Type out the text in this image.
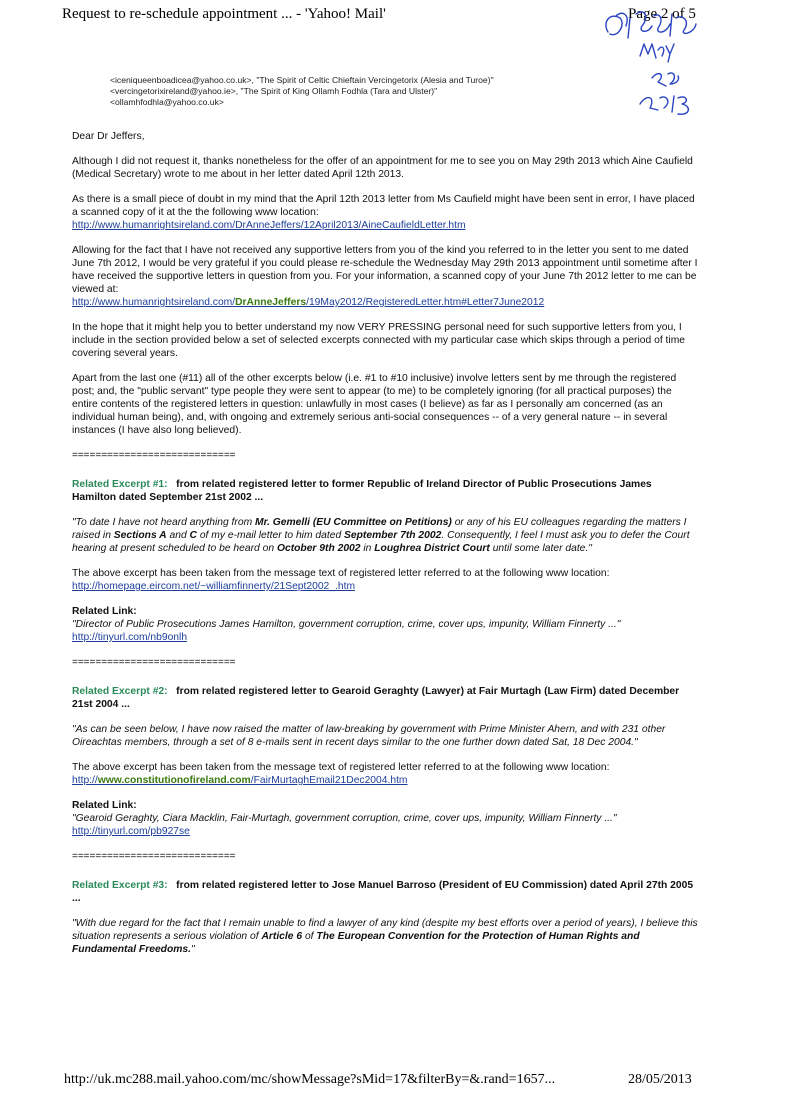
Request to re-schedule appointment ... - 'Yahoo! Mail'	Page 2 of 5
<iceniqueenboadicea@yahoo.co.uk>, "The Spirit of Celtic Chieftain Vercingetorix (Alesia and Turoe)"
<vercingetorixireland@yahoo.ie>, "The Spirit of King Ollamh Fodhla (Tara and Ulster)"
<ollamhfodhla@yahoo.co.uk>

Dear Dr Jeffers,

Although I did not request it, thanks nonetheless for the offer of an appointment for me to see you on May 29th 2013 which Aine Caufield (Medical Secretary) wrote to me about in her letter dated April 12th 2013.

As there is a small piece of doubt in my mind that the April 12th 2013 letter from Ms Caufield might have been sent in error, I have placed a scanned copy of it at the the following www location:
http://www.humanrightsireland.com/DrAnneJeffers/12April2013/AineCaufieldLetter.htm

Allowing for the fact that I have not received any supportive letters from you of the kind you referred to in the letter you sent to me dated June 7th 2012, I would be very grateful if you could please re-schedule the Wednesday May 29th 2013 appointment until sometime after I have received the supportive letters in question from you. For your information, a scanned copy of your June 7th 2012 letter to me can be viewed at:
http://www.humanrightsireland.com/DrAnneJeffers/19May2012/RegisteredLetter.htm#Letter7June2012

In the hope that it might help you to better understand my now VERY PRESSING personal need for such supportive letters from you, I include in the section provided below a set of selected excerpts connected with my particular case which skips through a period of time covering several years.

Apart from the last one (#11) all of the other excerpts below (i.e. #1 to #10 inclusive) involve letters sent by me through the registered post; and, the "public servant" type people they were sent to appear (to me) to be completely ignoring (for all practical purposes) the entire contents of the registered letters in question: unlawfully in most cases (I believe) as far as I personally am concerned (as an individual human being), and, with ongoing and extremely serious anti-social consequences -- of a very general nature -- in several instances (I have also long believed).

============================

Related Excerpt #1: from related registered letter to former Republic of Ireland Director of Public Prosecutions James Hamilton dated September 21st 2002 ...

"To date I have not heard anything from Mr. Gemelli (EU Committee on Petitions) or any of his EU colleagues regarding the matters I raised in Sections A and C of my e-mail letter to him dated September 7th 2002. Consequently, I feel I must ask you to defer the Court hearing at present scheduled to be heard on October 9th 2002 in Loughrea District Court until some later date."

The above excerpt has been taken from the message text of registered letter referred to at the following www location:
http://homepage.eircom.net/~williamfinnerty/21Sept2002_.htm

Related Link:
"Director of Public Prosecutions James Hamilton, government corruption, crime, cover ups, impunity, William Finnerty ..."
http://tinyurl.com/nb9onlh

============================

Related Excerpt #2: from related registered letter to Gearoid Geraghty (Lawyer) at Fair Murtagh (Law Firm) dated December 21st 2004 ...

"As can be seen below, I have now raised the matter of law-breaking by government with Prime Minister Ahern, and with 231 other Oireachtas members, through a set of 8 e-mails sent in recent days similar to the one further down dated Sat, 18 Dec 2004."

The above excerpt has been taken from the message text of registered letter referred to at the following www location:
http://www.constitutionofireland.com/FairMurtaghEmail21Dec2004.htm

Related Link:
"Gearoid Geraghty, Ciara Macklin, Fair-Murtagh, government corruption, crime, cover ups, impunity, William Finnerty ..."
http://tinyurl.com/pb927se

============================

Related Excerpt #3: from related registered letter to Jose Manuel Barroso (President of EU Commission) dated April 27th 2005 ...

"With due regard for the fact that I remain unable to find a lawyer of any kind (despite my best efforts over a period of years), I believe this situation represents a serious violation of Article 6 of The European Convention for the Protection of Human Rights and Fundamental Freedoms."

http://uk.mc288.mail.yahoo.com/mc/showMessage?sMid=17&filterBy=&.rand=1657...	28/05/2013
